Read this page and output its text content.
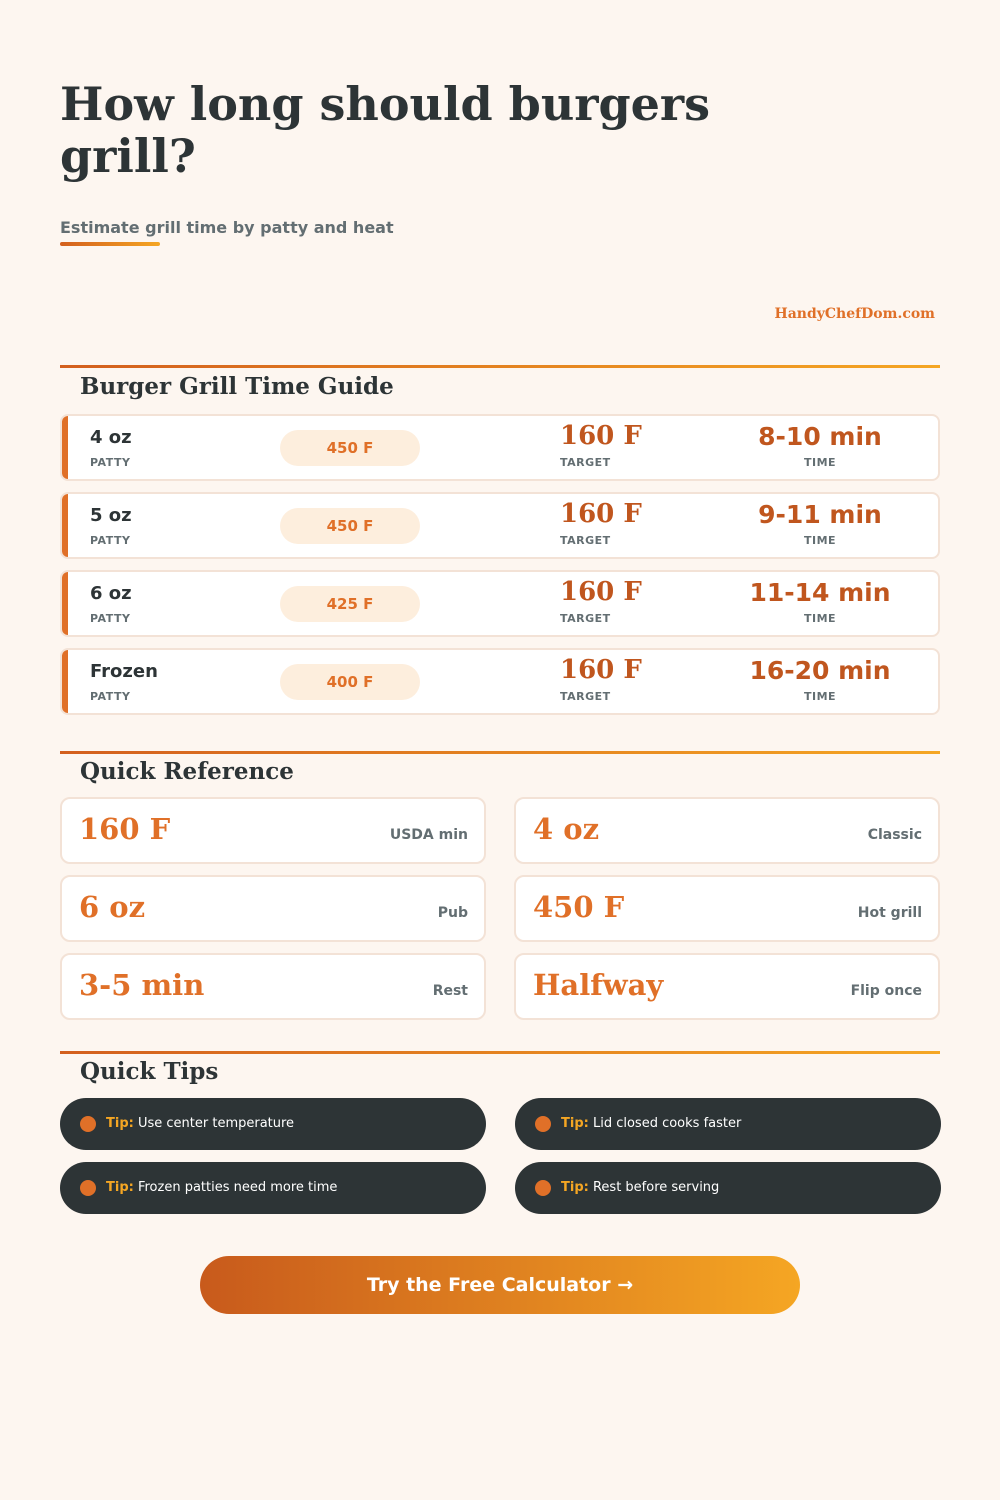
How long should burgers grill?
Estimate grill time by patty and heat
HandyChefDom.com
Burger Grill Time Guide
4 oz
PATTY
450 F	160 F
TARGET
8-10 min
TIME
5 oz
PATTY
450 F	160 F
TARGET
9-11 min
TIME
6 oz
PATTY
425 F	160 F
TARGET
11-14 min
TIME
Frozen
PATTY
400 F	160 F
TARGET
16-20 min
TIME
Quick Reference
160 F	USDA min 4 oz	Classic
6 oz	Pub 450 F	Hot grill
3-5 min	Rest Halfway	Flip once
Quick Tips
Tip: Use center temperature	Tip: Lid closed cooks faster
Tip: Frozen patties need more time	Tip: Rest before serving
Try the Free Calculator →
